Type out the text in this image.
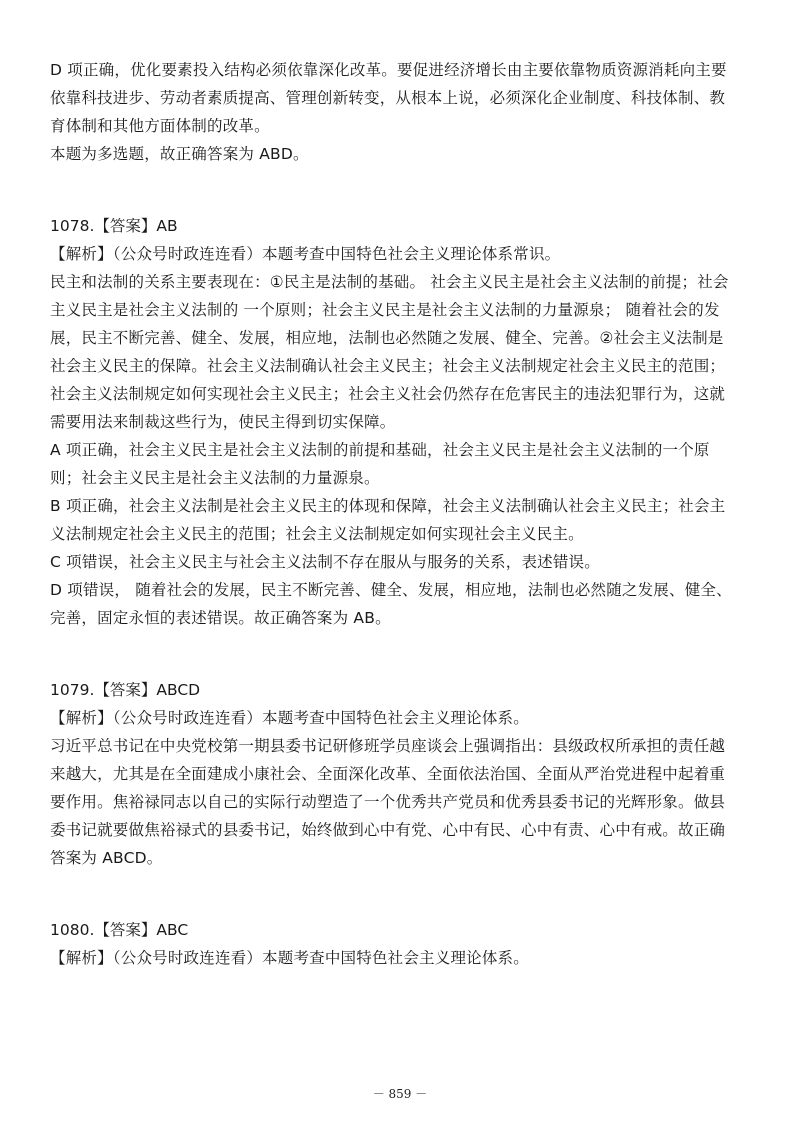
D 项正确，优化要素投入结构必须依靠深化改革。要促进经济增长由主要依靠物质资源消耗向主要
依靠科技进步、劳动者素质提高、管理创新转变，从根本上说，必须深化企业制度、科技体制、教
育体制和其他方面体制的改革。
本题为多选题，故正确答案为 ABD。
1078.【答案】AB
【解析】（公众号时政连连看）本题考查中国特色社会主义理论体系常识。
民主和法制的关系主要表现在：①民主是法制的基础。 社会主义民主是社会主义法制的前提；社会
主义民主是社会主义法制的 一个原则；社会主义民主是社会主义法制的力量源泉； 随着社会的发
展，民主不断完善、健全、发展，相应地，法制也必然随之发展、健全、完善。②社会主义法制是
社会主义民主的保障。社会主义法制确认社会主义民主；社会主义法制规定社会主义民主的范围；
社会主义法制规定如何实现社会主义民主；社会主义社会仍然存在危害民主的违法犯罪行为，这就
需要用法来制裁这些行为，使民主得到切实保障。
A 项正确，社会主义民主是社会主义法制的前提和基础，社会主义民主是社会主义法制的一个原
则；社会主义民主是社会主义法制的力量源泉。
B 项正确，社会主义法制是社会主义民主的体现和保障，社会主义法制确认社会主义民主；社会主
义法制规定社会主义民主的范围；社会主义法制规定如何实现社会主义民主。
C 项错误，社会主义民主与社会主义法制不存在服从与服务的关系，表述错误。
D 项错误， 随着社会的发展，民主不断完善、健全、发展，相应地，法制也必然随之发展、健全、
完善，固定永恒的表述错误。故正确答案为 AB。
1079.【答案】ABCD
【解析】（公众号时政连连看）本题考查中国特色社会主义理论体系。
习近平总书记在中央党校第一期县委书记研修班学员座谈会上强调指出：县级政权所承担的责任越
来越大，尤其是在全面建成小康社会、全面深化改革、全面依法治国、全面从严治党进程中起着重
要作用。焦裕禄同志以自己的实际行动塑造了一个优秀共产党员和优秀县委书记的光辉形象。做县
委书记就要做焦裕禄式的县委书记，始终做到心中有党、心中有民、心中有责、心中有戒。故正确
答案为 ABCD。
1080.【答案】ABC
【解析】（公众号时政连连看）本题考查中国特色社会主义理论体系。
－ 859 －
